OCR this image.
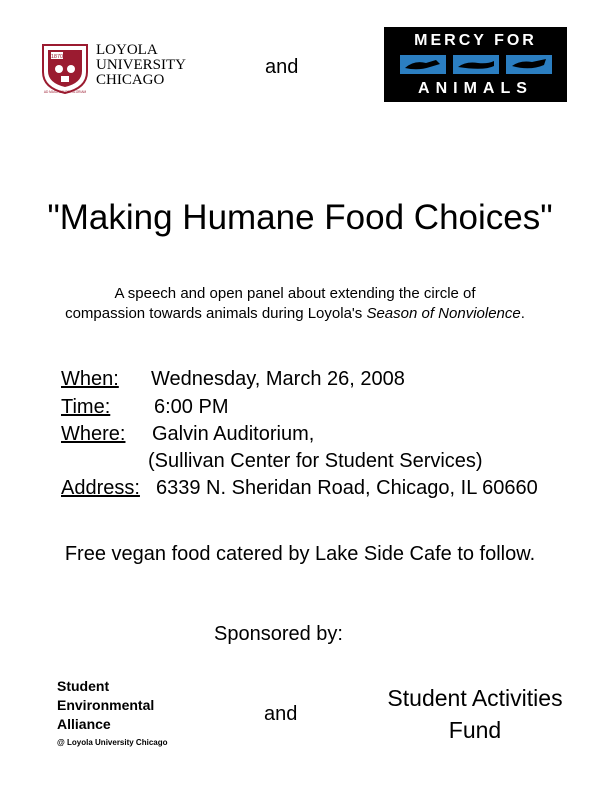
1870
AD MAIOREM DEI GLORIAM
LOYOLA
UNIVERSITY
CHICAGO
and
MERCY FOR
ANIMALS
"Making Humane Food Choices"
A speech and open panel about extending the circle of
compassion towards animals during Loyola's Season of Nonviolence.
When: Wednesday, March 26, 2008
Time: 6:00 PM
Where: Galvin Auditorium,
(Sullivan Center for Student Services)
Address: 6339 N. Sheridan Road, Chicago, IL 60660
Free vegan food catered by Lake Side Cafe to follow.
Sponsored by:
Student
Environmental
Alliance
@ Loyola University Chicago
and
Student Activities
Fund
